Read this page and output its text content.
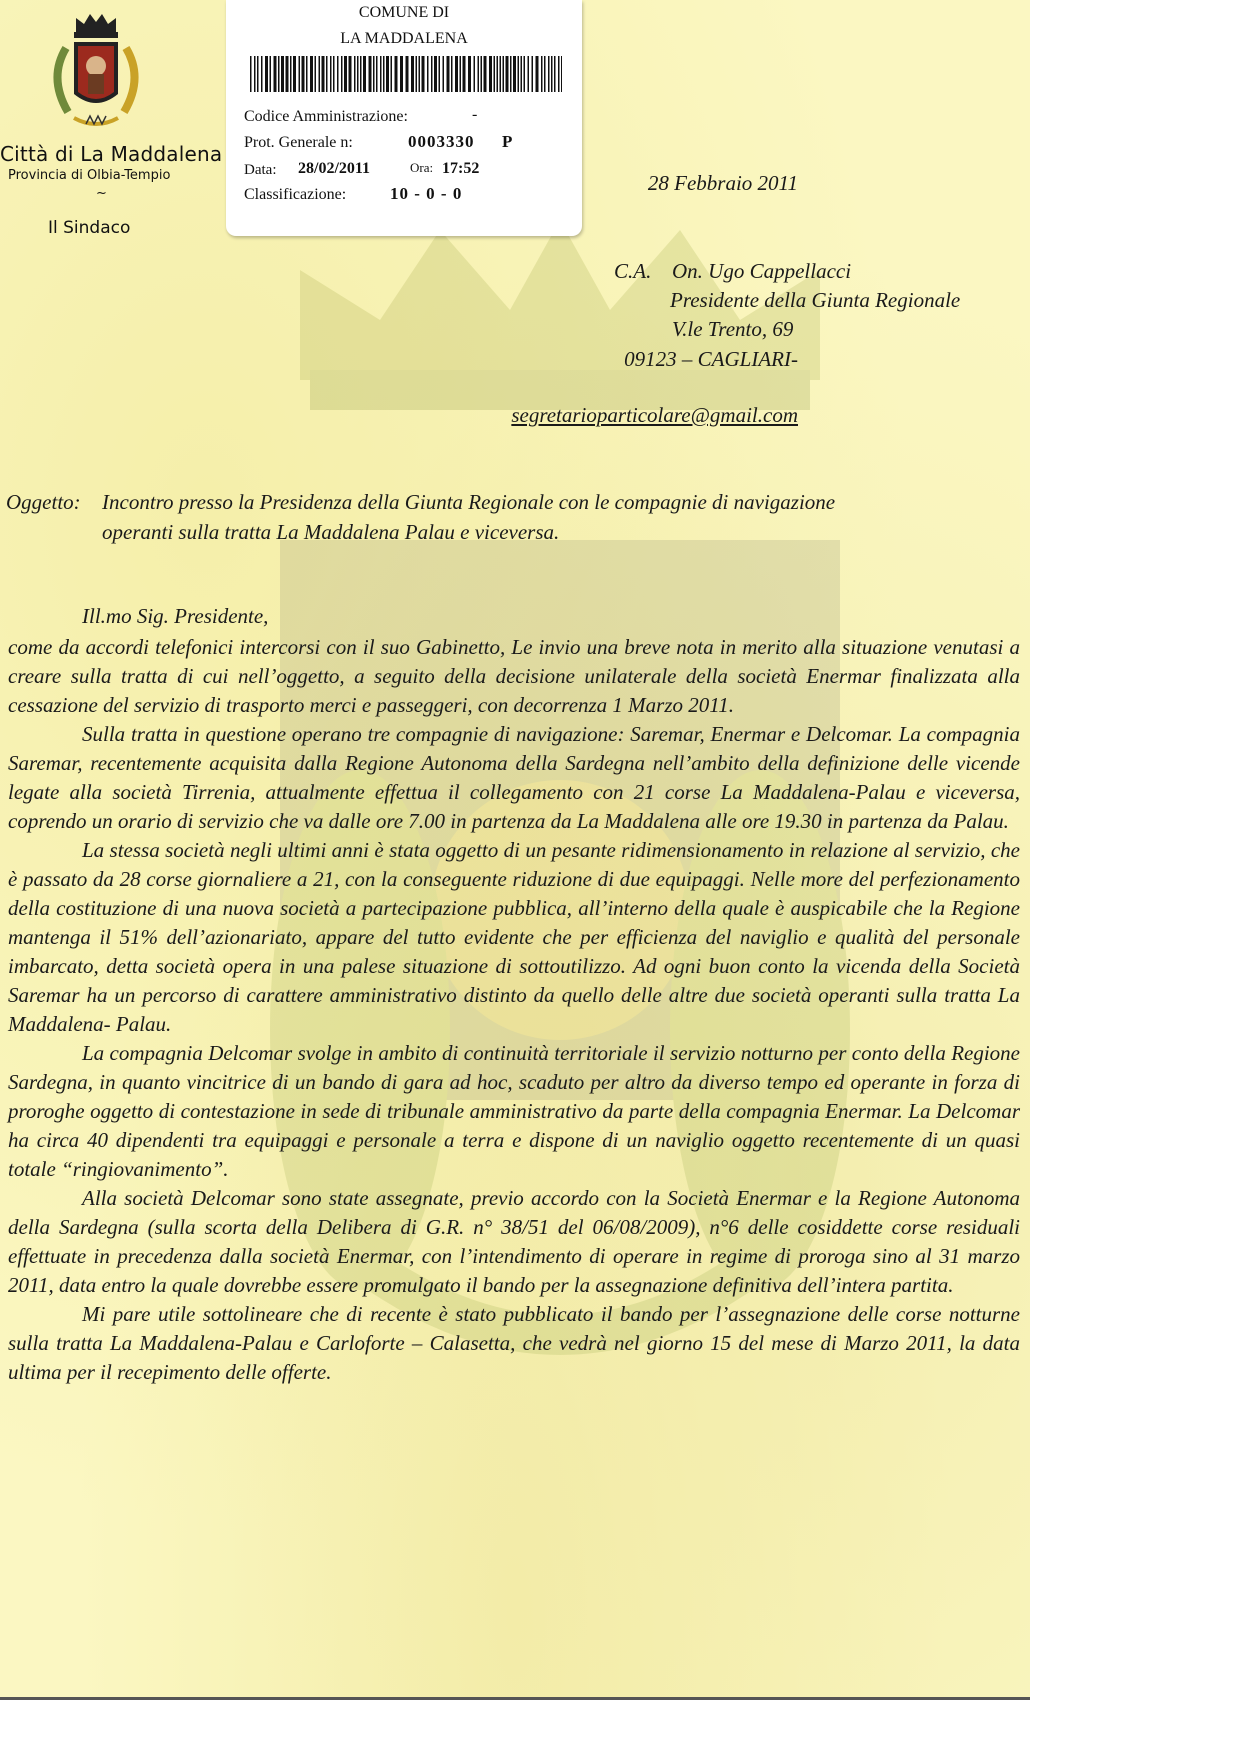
Città di La Maddalena
Provincia di Olbia-Tempio
~
Il Sindaco
COMUNE DI
LA MADDALENA
Codice Amministrazione:	-
Prot. Generale n:	0003330 P
Data: 28/02/2011	Ora: 17:52
Classificazione:	10 - 0 - 0	28 Febbraio 2011
C.A. On. Ugo Cappellacci
Presidente della Giunta Regionale
V.le Trento, 69
09123 – CAGLIARI-
segretarioparticolare@gmail.com
Oggetto: Incontro presso la Presidenza della Giunta Regionale con le compagnie di navigazione
operanti sulla tratta La Maddalena Palau e viceversa.
Ill.mo Sig. Presidente,

come da accordi telefonici intercorsi con il suo Gabinetto, Le invio una breve nota in merito alla situazione venutasi a creare sulla tratta di cui nell’oggetto, a seguito della decisione unilaterale della società Enermar finalizzata alla cessazione del servizio di trasporto merci e passeggeri, con decorrenza 1 Marzo 2011.

Sulla tratta in questione operano tre compagnie di navigazione: Saremar, Enermar e Delcomar. La compagnia Saremar, recentemente acquisita dalla Regione Autonoma della Sardegna nell’ambito della definizione delle vicende legate alla società Tirrenia, attualmente effettua il collegamento con 21 corse La Maddalena-Palau e viceversa, coprendo un orario di servizio che va dalle ore 7.00 in partenza da La Maddalena alle ore 19.30 in partenza da Palau.

La stessa società negli ultimi anni è stata oggetto di un pesante ridimensionamento in relazione al servizio, che è passato da 28 corse giornaliere a 21, con la conseguente riduzione di due equipaggi. Nelle more del perfezionamento della costituzione di una nuova società a partecipazione pubblica, all’interno della quale è auspicabile che la Regione mantenga il 51% dell’azionariato, appare del tutto evidente che per efficienza del naviglio e qualità del personale imbarcato, detta società opera in una palese situazione di sottoutilizzo. Ad ogni buon conto la vicenda della Società Saremar ha un percorso di carattere amministrativo distinto da quello delle altre due società operanti sulla tratta La Maddalena- Palau.

La compagnia Delcomar svolge in ambito di continuità territoriale il servizio notturno per conto della Regione Sardegna, in quanto vincitrice di un bando di gara ad hoc, scaduto per altro da diverso tempo ed operante in forza di proroghe oggetto di contestazione in sede di tribunale amministrativo da parte della compagnia Enermar. La Delcomar ha circa 40 dipendenti tra equipaggi e personale a terra e dispone di un naviglio oggetto recentemente di un quasi totale “ringiovanimento”.

Alla società Delcomar sono state assegnate, previo accordo con la Società Enermar e la Regione Autonoma della Sardegna (sulla scorta della Delibera di G.R. n° 38/51 del 06/08/2009), n°6 delle cosiddette corse residuali effettuate in precedenza dalla società Enermar, con l’intendimento di operare in regime di proroga sino al 31 marzo 2011, data entro la quale dovrebbe essere promulgato il bando per la assegnazione definitiva dell’intera partita.

Mi pare utile sottolineare che di recente è stato pubblicato il bando per l’assegnazione delle corse notturne sulla tratta La Maddalena-Palau e Carloforte – Calasetta, che vedrà nel giorno 15 del mese di Marzo 2011, la data ultima per il recepimento delle offerte.
